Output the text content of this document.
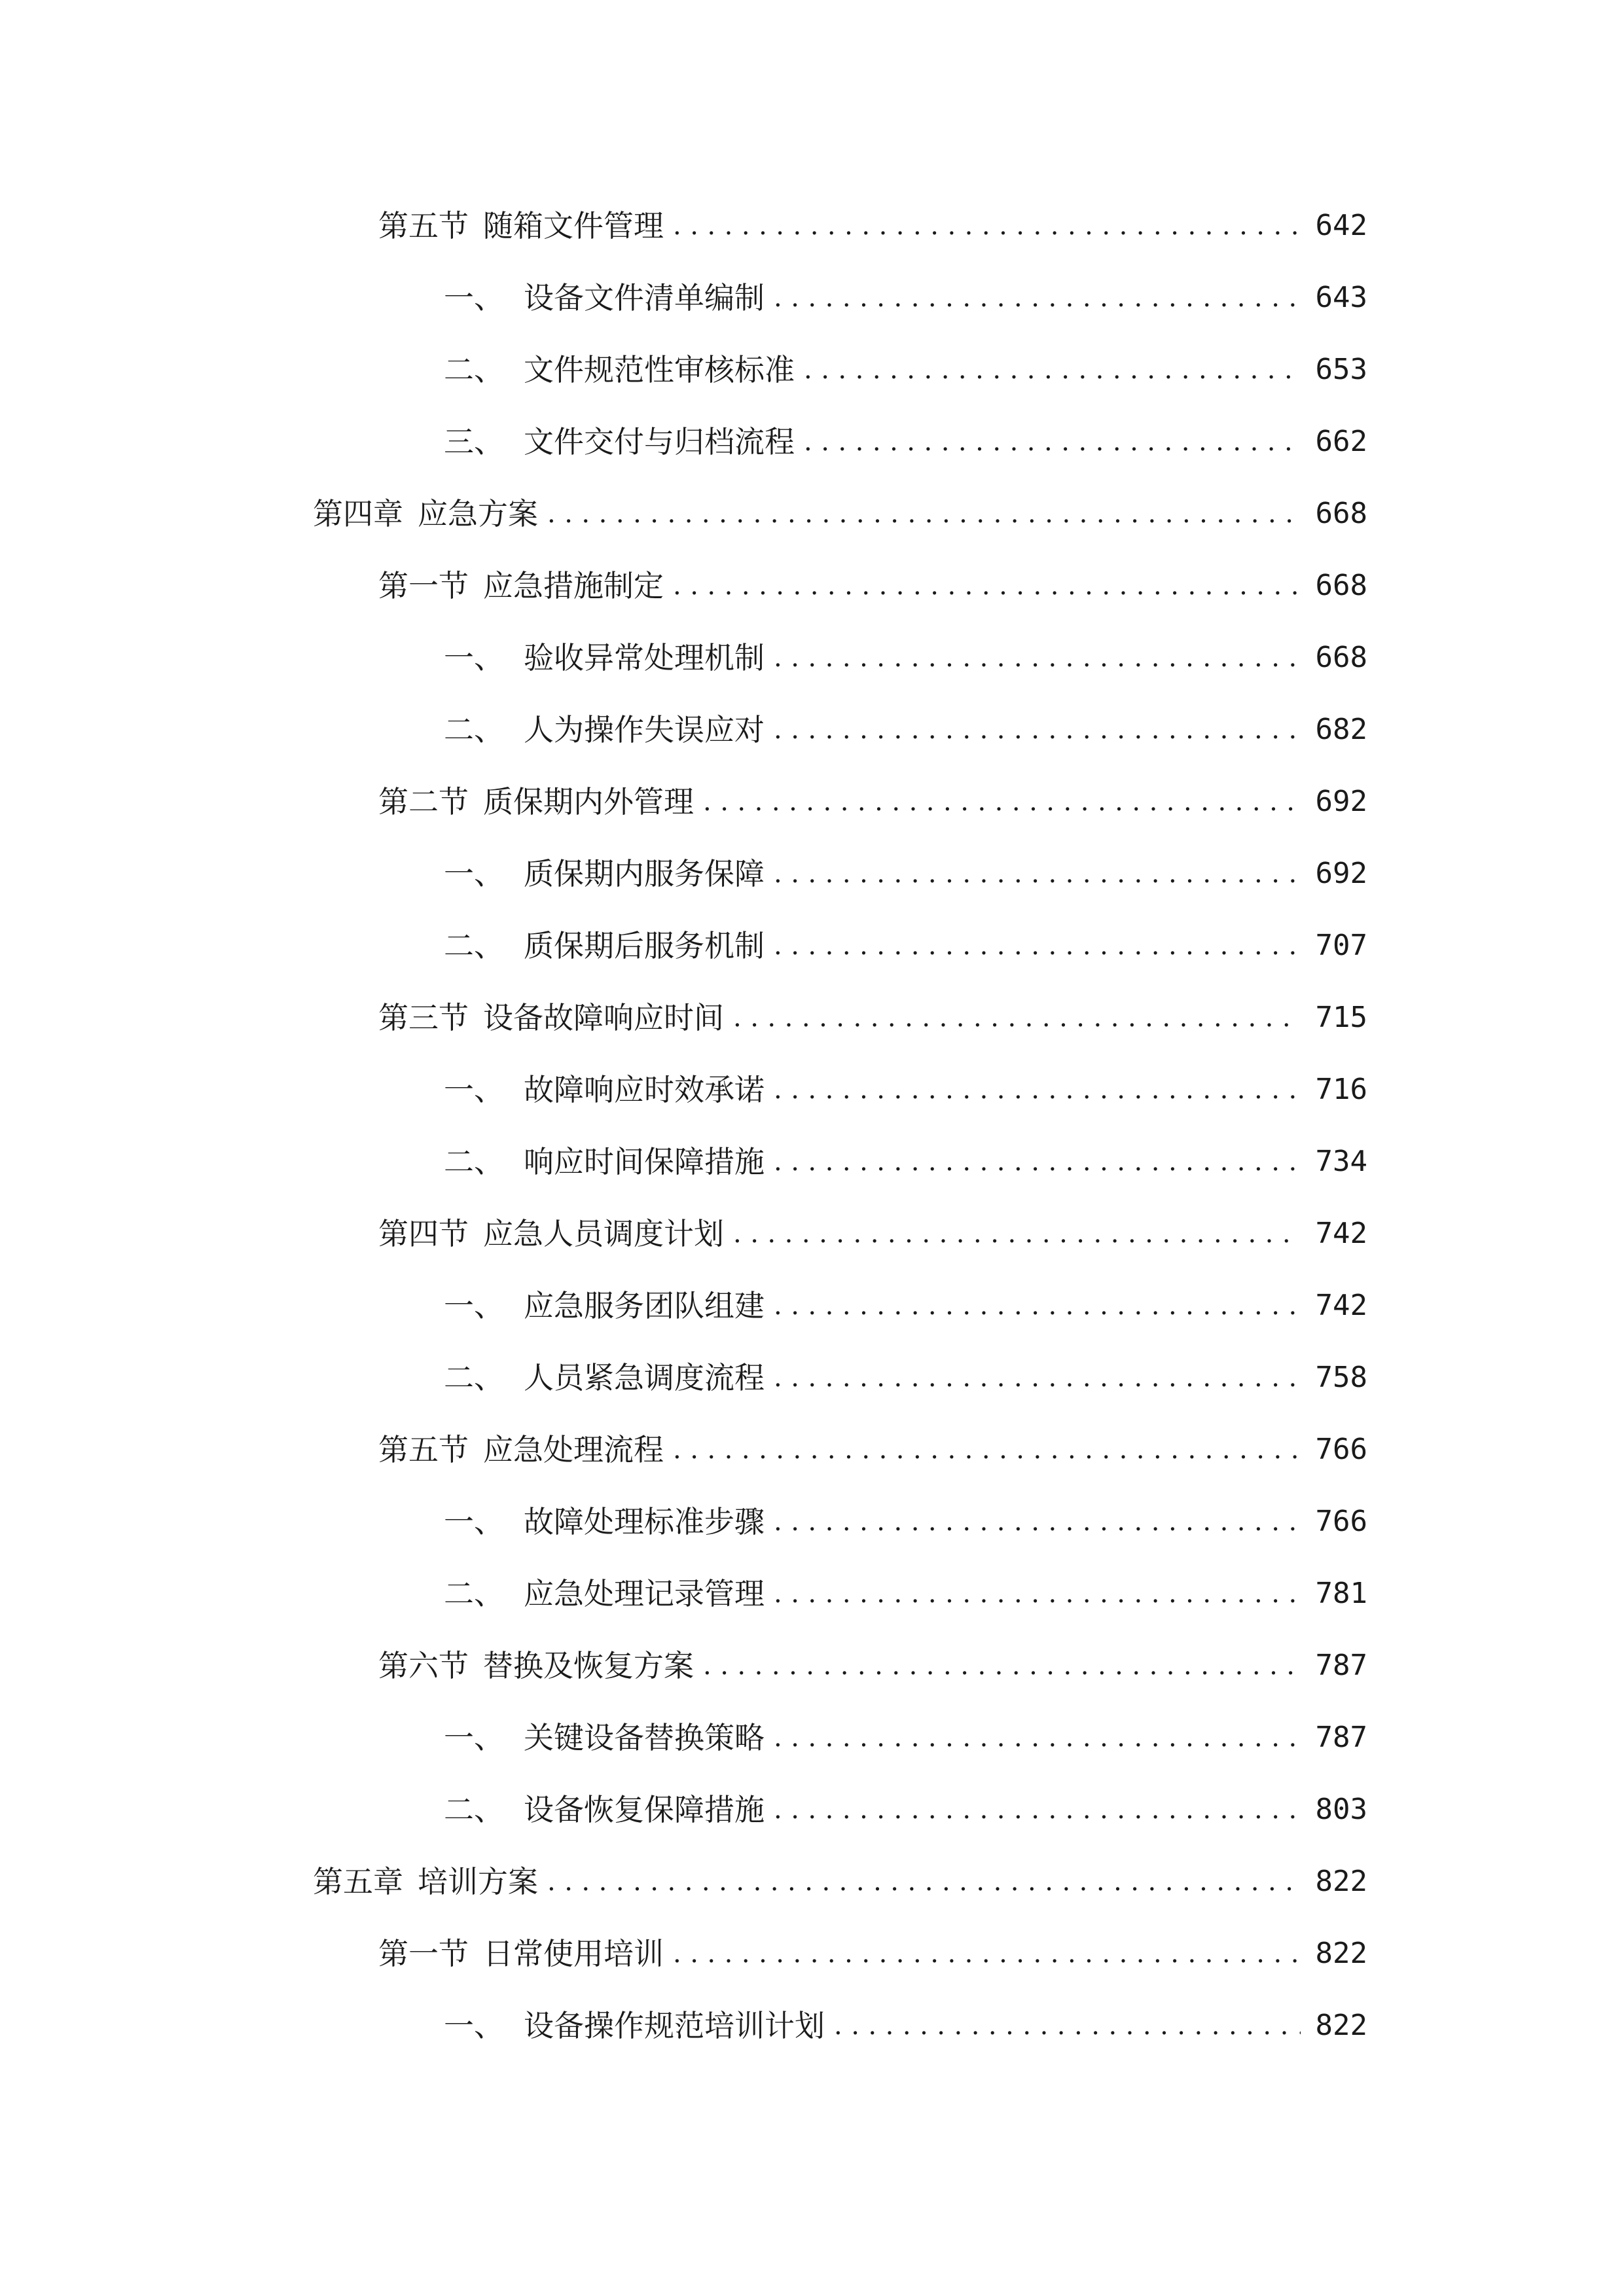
第五节 随箱文件管理 .....	642
一、 设备文件清单编制 .....	643
二、 文件规范性审核标准 .....	653
三、 文件交付与归档流程 .....	662
第四章 应急方案 .....	668
第一节 应急措施制定 .....	668
一、 验收异常处理机制 .....	668
二、 人为操作失误应对 .....	682
第二节 质保期内外管理 .....	692
一、 质保期内服务保障 .....	692
二、 质保期后服务机制 .....	707
第三节 设备故障响应时间 .....	715
一、 故障响应时效承诺 .....	716
二、 响应时间保障措施 .....	734
第四节 应急人员调度计划 .....	742
一、 应急服务团队组建 .....	742
二、 人员紧急调度流程 .....	758
第五节 应急处理流程 .....	766
一、 故障处理标准步骤 .....	766
二、 应急处理记录管理 .....	781
第六节 替换及恢复方案 .....	787
一、 关键设备替换策略 .....	787
二、 设备恢复保障措施 .....	803
第五章 培训方案 .....	822
第一节 日常使用培训 .....	822
一、 设备操作规范培训计划 .....	822
